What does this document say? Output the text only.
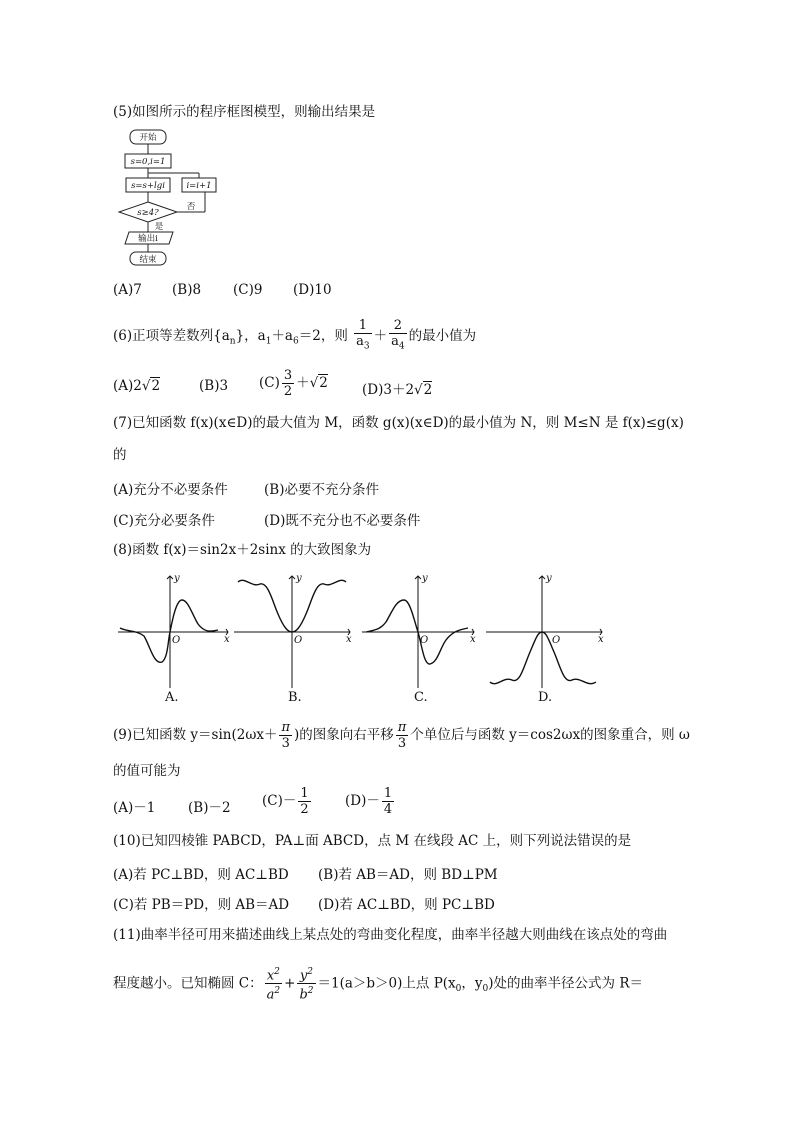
(5)如图所示的程序框图模型，则输出结果是
开始
s=0,i=1
s=s+lgi	i=i+1
s≥4?
是
否
输出i
结束
(A)7 (B)8 (C)9 (D)10
(6)正项等差数列$\{a_n\}$，$a_1+a_6=2$，则 $\frac{1}{a_3} + \frac{2}{a_4}$ 的最小值为
(A)2√2	(B)3 $(C) \frac{3}{2} +√2$	(D)3＋2√2
(7)已知函数 f(x)(x∈D)的最大值为 M，函数 g(x)(x∈D)的最小值为 N，则 M≤N 是 f(x)≤g(x)
的
(A)充分不必要条件	(B)必要不充分条件
(C)充分必要条件	(D)既不充分也不必要条件
(8)函数 f(x)＝sin2x＋2sinx 的大致图象为
y
x
O
y
x
O
y
x
O
y
x
O
A.	B.	C.	D.
(9)已知函数 $y=\sin(2\omega x+ \frac{\pi}{3}$ )的图象向右平移 $\frac{\pi}{3}$ 个单位后与函数 y＝cos2ωx的图象重合，则 ω
的值可能为
(A)－1 (B)－2 $(C)- \frac{1}{2}$	$(D)- \frac{1}{4}$
(10)已知四棱锥 PABCD，PA⊥面 ABCD，点 M 在线段 AC 上，则下列说法错误的是
(A)若 PC⊥BD，则 AC⊥BD (B)若 AB＝AD，则 BD⊥PM
(C)若 PB＝PD，则 AB＝AD (D)若 AC⊥BD，则 PC⊥BD
(11)曲率半径可用来描述曲线上某点处的弯曲变化程度，曲率半径越大则曲线在该点处的弯曲
程度越小。已知椭圆 C： $\frac{x^2}{a^2} + \frac{y^2}{b^2} =1(a>b>0)$上点 $P(x_0$，$y_0$)处的曲率半径公式为 R＝
